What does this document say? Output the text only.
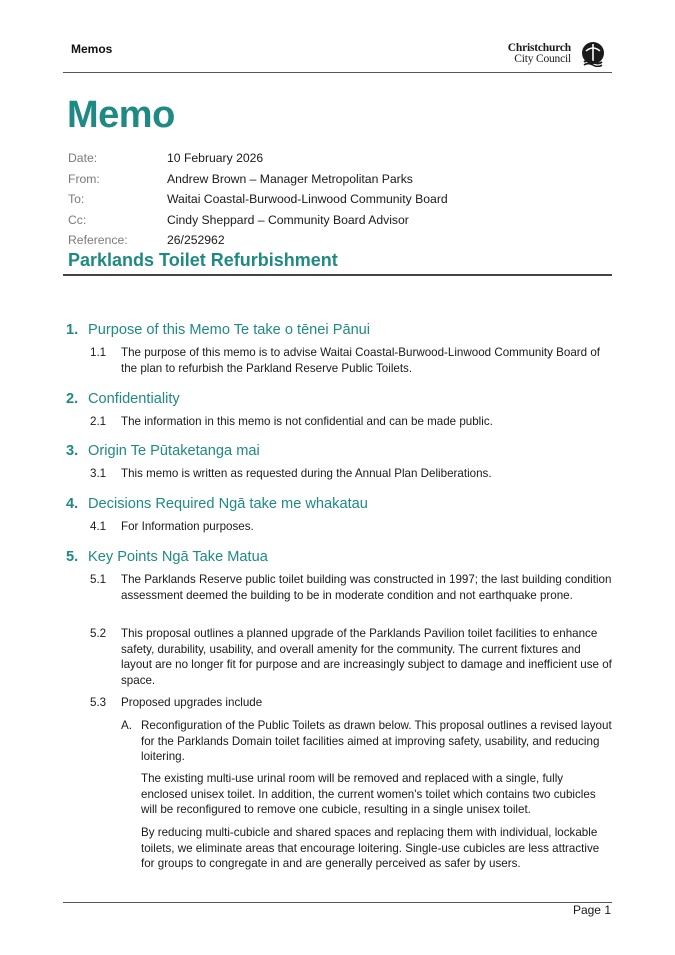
Memos	Christchurch
City Council
Memo
Date:	10 February 2026
From:	Andrew Brown – Manager Metropolitan Parks
To:	Waitai Coastal-Burwood-Linwood Community Board
Cc:	Cindy Sheppard – Community Board Advisor
Reference:	26/252962
Parklands Toilet Refurbishment
1. Purpose of this Memo Te take o tēnei Pānui
1.1 The purpose of this memo is to advise Waitai Coastal-Burwood-Linwood Community Board of the plan to refurbish the Parkland Reserve Public Toilets.
2. Confidentiality
2.1 The information in this memo is not confidential and can be made public.
3. Origin Te Pūtaketanga mai
3.1 This memo is written as requested during the Annual Plan Deliberations.
4. Decisions Required Ngā take me whakatau
4.1 For Information purposes.
5. Key Points Ngā Take Matua
5.1 The Parklands Reserve public toilet building was constructed in 1997; the last building condition assessment deemed the building to be in moderate condition and not earthquake prone.
5.2 This proposal outlines a planned upgrade of the Parklands Pavilion toilet facilities to enhance safety, durability, usability, and overall amenity for the community. The current fixtures and layout are no longer fit for purpose and are increasingly subject to damage and inefficient use of space.
5.3 Proposed upgrades include
A. Reconfiguration of the Public Toilets as drawn below. This proposal outlines a revised layout for the Parklands Domain toilet facilities aimed at improving safety, usability, and reducing loitering.
The existing multi-use urinal room will be removed and replaced with a single, fully enclosed unisex toilet. In addition, the current women's toilet which contains two cubicles will be reconfigured to remove one cubicle, resulting in a single unisex toilet.
By reducing multi-cubicle and shared spaces and replacing them with individual, lockable toilets, we eliminate areas that encourage loitering. Single-use cubicles are less attractive for groups to congregate in and are generally perceived as safer by users.
Page 1
